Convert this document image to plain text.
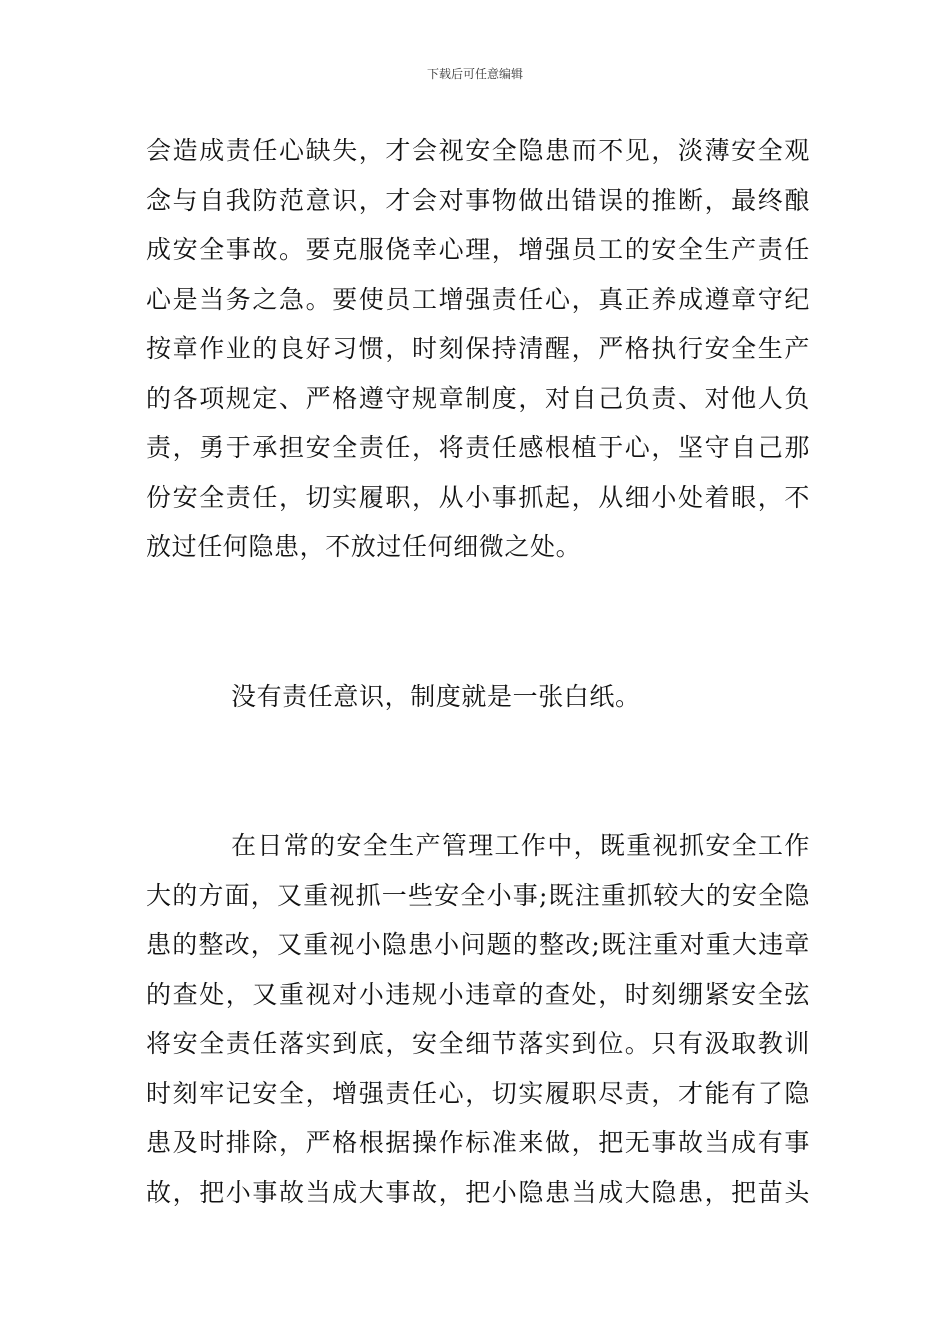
下载后可任意编辑
会造成责任心缺失，才会视安全隐患而不见，淡薄安全观
念与自我防范意识，才会对事物做出错误的推断，最终酿
成安全事故。要克服侥幸心理，增强员工的安全生产责任
心是当务之急。要使员工增强责任心，真正养成遵章守纪
按章作业的良好习惯，时刻保持清醒，严格执行安全生产
的各项规定、严格遵守规章制度，对自己负责、对他人负
责，勇于承担安全责任，将责任感根植于心，坚守自己那
份安全责任，切实履职，从小事抓起，从细小处着眼，不
放过任何隐患，不放过任何细微之处。
没有责任意识，制度就是一张白纸。
在日常的安全生产管理工作中，既重视抓安全工作
大的方面，又重视抓一些安全小事;既注重抓较大的安全隐
患的整改，又重视小隐患小问题的整改;既注重对重大违章
的查处，又重视对小违规小违章的查处，时刻绷紧安全弦
将安全责任落实到底，安全细节落实到位。只有汲取教训
时刻牢记安全，增强责任心，切实履职尽责，才能有了隐
患及时排除，严格根据操作标准来做，把无事故当成有事
故，把小事故当成大事故，把小隐患当成大隐患，把苗头
